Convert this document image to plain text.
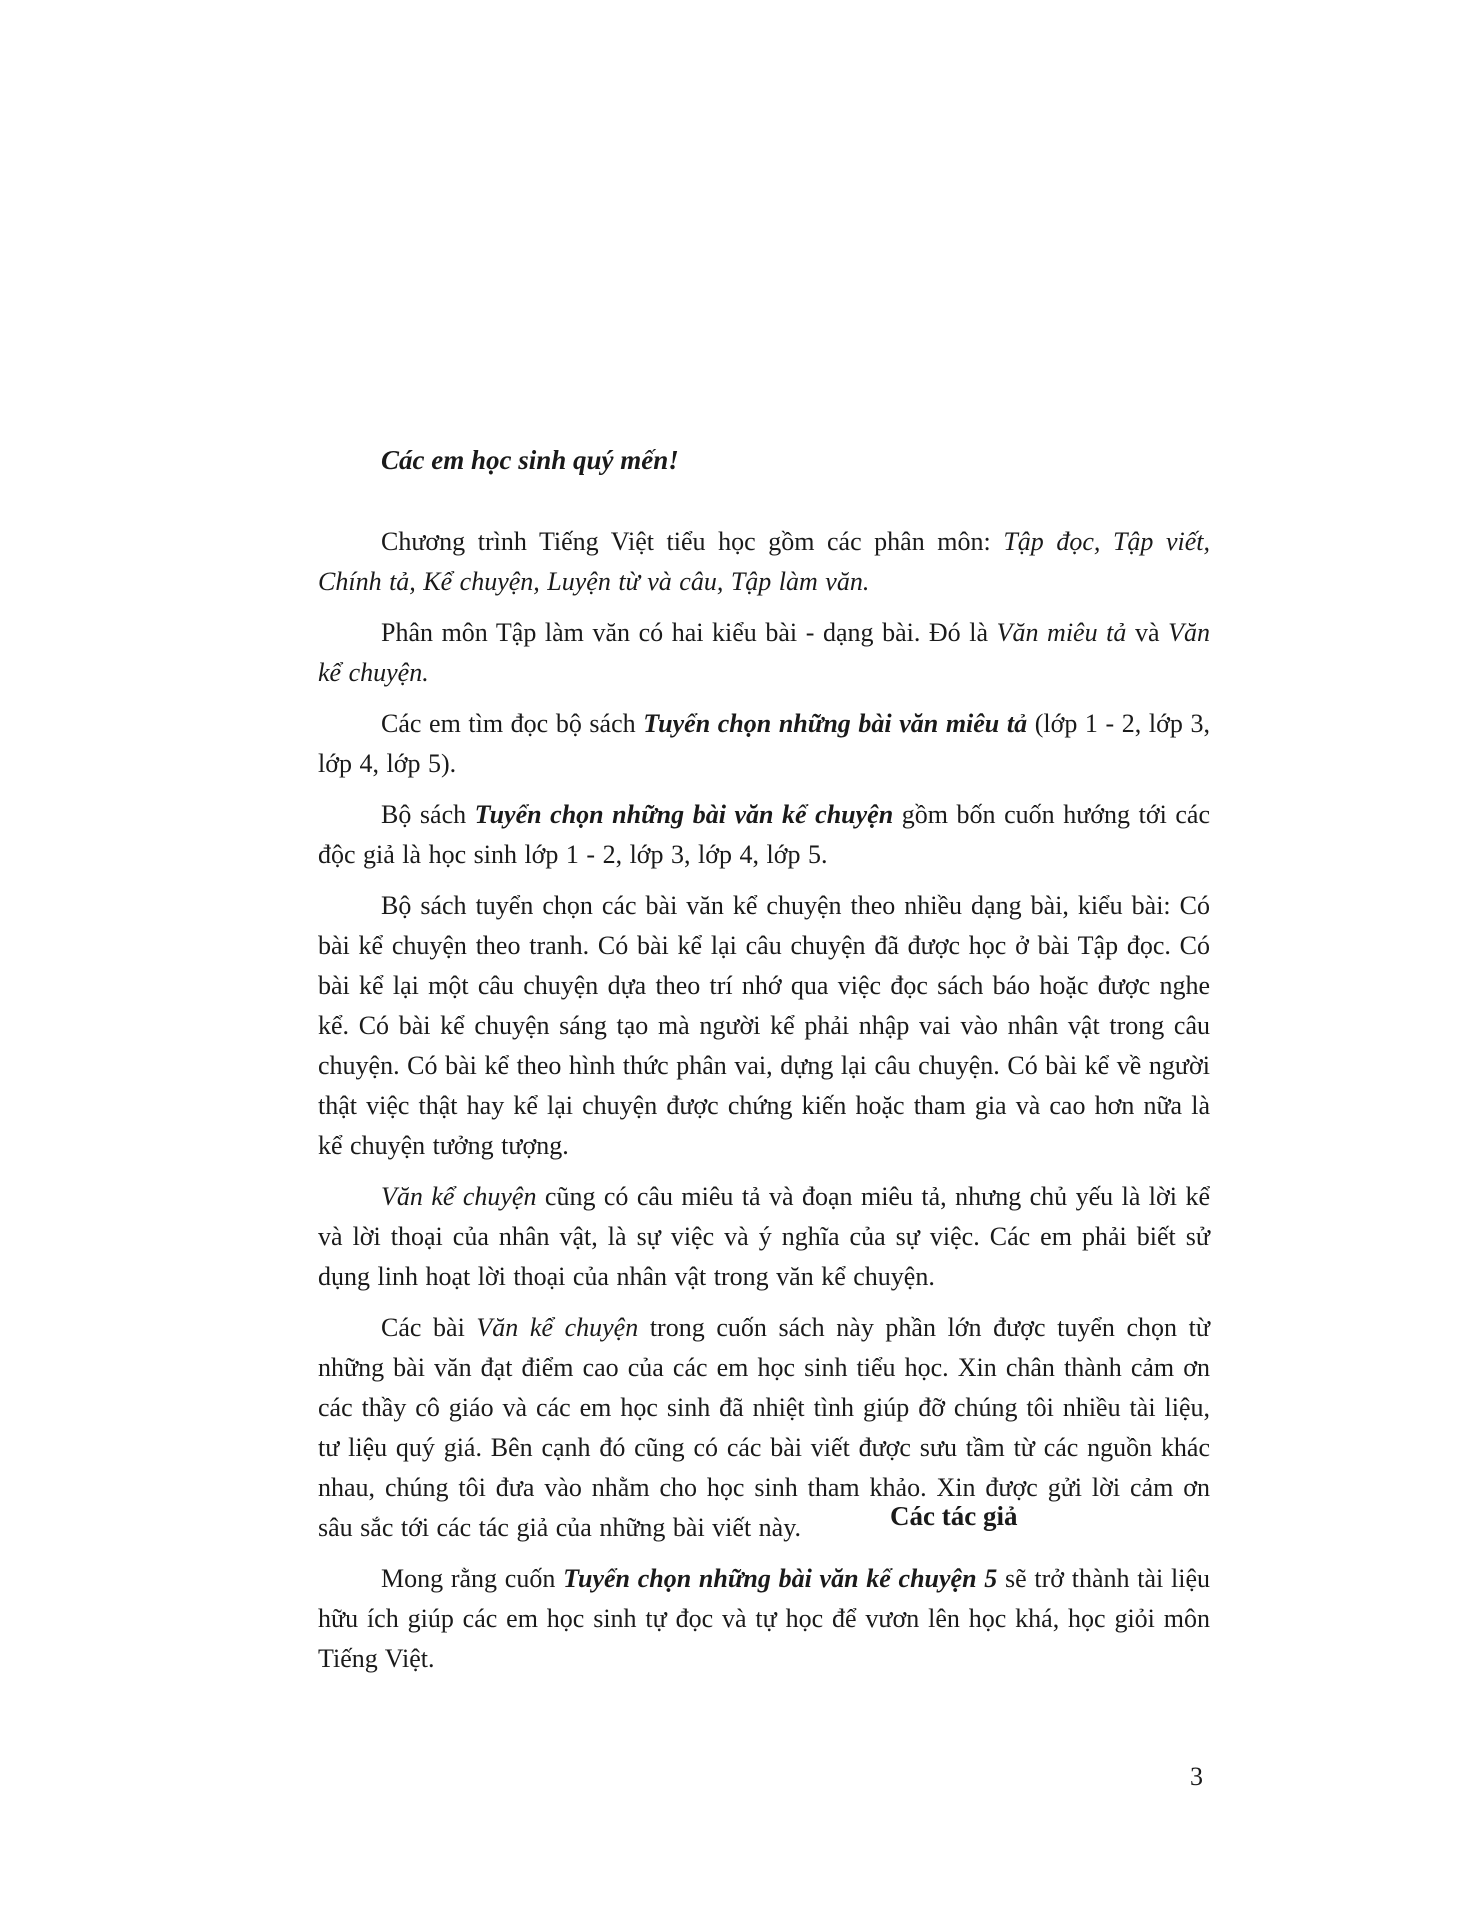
Các em học sinh quý mến!

Chương trình Tiếng Việt tiểu học gồm các phân môn: Tập đọc, Tập viết, Chính tả, Kể chuyện, Luyện từ và câu, Tập làm văn.

Phân môn Tập làm văn có hai kiểu bài - dạng bài. Đó là Văn miêu tả và Văn kể chuyện.

Các em tìm đọc bộ sách Tuyển chọn những bài văn miêu tả (lớp 1 - 2, lớp 3, lớp 4, lớp 5).

Bộ sách Tuyển chọn những bài văn kể chuyện gồm bốn cuốn hướng tới các độc giả là học sinh lớp 1 - 2, lớp 3, lớp 4, lớp 5.

Bộ sách tuyển chọn các bài văn kể chuyện theo nhiều dạng bài, kiểu bài: Có bài kể chuyện theo tranh. Có bài kể lại câu chuyện đã được học ở bài Tập đọc. Có bài kể lại một câu chuyện dựa theo trí nhớ qua việc đọc sách báo hoặc được nghe kể. Có bài kể chuyện sáng tạo mà người kể phải nhập vai vào nhân vật trong câu chuyện. Có bài kể theo hình thức phân vai, dựng lại câu chuyện. Có bài kể về người thật việc thật hay kể lại chuyện được chứng kiến hoặc tham gia và cao hơn nữa là kể chuyện tưởng tượng.

Văn kể chuyện cũng có câu miêu tả và đoạn miêu tả, nhưng chủ yếu là lời kể và lời thoại của nhân vật, là sự việc và ý nghĩa của sự việc. Các em phải biết sử dụng linh hoạt lời thoại của nhân vật trong văn kể chuyện.

Các bài Văn kể chuyện trong cuốn sách này phần lớn được tuyển chọn từ những bài văn đạt điểm cao của các em học sinh tiểu học. Xin chân thành cảm ơn các thầy cô giáo và các em học sinh đã nhiệt tình giúp đỡ chúng tôi nhiều tài liệu, tư liệu quý giá. Bên cạnh đó cũng có các bài viết được sưu tầm từ các nguồn khác nhau, chúng tôi đưa vào nhằm cho học sinh tham khảo. Xin được gửi lời cảm ơn sâu sắc tới các tác giả của những bài viết này.

Mong rằng cuốn Tuyển chọn những bài văn kể chuyện 5 sẽ trở thành tài liệu hữu ích giúp các em học sinh tự đọc và tự học để vươn lên học khá, học giỏi môn Tiếng Việt.

Các tác giả
3
